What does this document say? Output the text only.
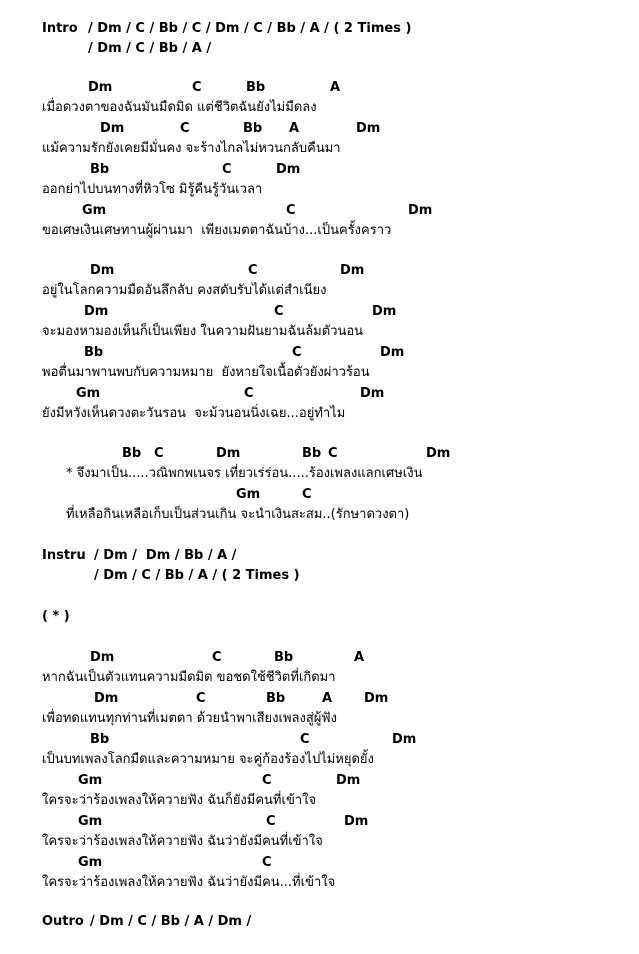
Intro / Dm / C / Bb / C / Dm / C / Bb / A / ( 2 Times )
/ Dm / C / Bb / A /
Dm	C	Bb	A
เมื่อดวงตาของฉันมันมืดมิด แต่ชีวิตฉันยังไม่มืดลง
Dm	C	Bb A	Dm
แม้ความรักยังเคยมีมั่นคง จะร้างไกลไม่หวนกลับคืนมา
Bb	C	Dm
ออกย่าไปบนทางที่หิวโซ มิรู้คืนรู้วันเวลา
Gm	C	Dm
ขอเศษเงินเศษทานผู้ผ่านมา  เพียงเมตตาฉันบ้าง...เป็นครั้งคราว
Dm	C	Dm
อยู่ในโลกความมืดอันลึกลับ คงสดับรับได้แต่สำเนียง
Dm	C	Dm
จะมองหามองเห็นก็เป็นเพียง ในความฝันยามฉันล้มตัวนอน
Bb	C	Dm
พอตื่นมาพานพบกับความหมาย  ยังหายใจเนื้อตัวยังผ่าวร้อน
Gm	C	Dm
ยังมีหวังเห็นดวงตะวันรอน  จะม้วนอนนิ่งเฉย...อยู่ทำไม
Bb C	Dm	Bb C	Dm
* จึงมาเป็น.....วณิพกพเนจร เที่ยวเร่ร่อน.....ร้องเพลงแลกเศษเงิน
Gm	C
ที่เหลือกินเหลือเก็บเป็นส่วนเกิน จะนำเงินสะสม..(รักษาดวงตา)
Instru / Dm /  Dm / Bb / A /
/ Dm / C / Bb / A / ( 2 Times )
( * )
Dm	C	Bb	A
หากฉันเป็นตัวแทนความมืดมิด ขอชดใช้ชีวิตที่เกิดมา
Dm	C	Bb	A Dm
เพื่อทดแทนทุกท่านที่เมตตา ด้วยนำพาเสียงเพลงสู่ผู้ฟัง
Bb	C	Dm
เป็นบทเพลงโลกมืดและความหมาย จะคู่ก้องร้องไปไม่หยุดยั้ง
Gm	C	Dm
ใครจะว่าร้องเพลงให้ควายฟัง ฉันก็ยังมีคนที่เข้าใจ
Gm	C	Dm
ใครจะว่าร้องเพลงให้ควายฟัง ฉันว่ายังมีคนที่เข้าใจ
Gm	C
ใครจะว่าร้องเพลงให้ควายฟัง ฉันว่ายังมีคน...ที่เข้าใจ
Outro / Dm / C / Bb / A / Dm /
